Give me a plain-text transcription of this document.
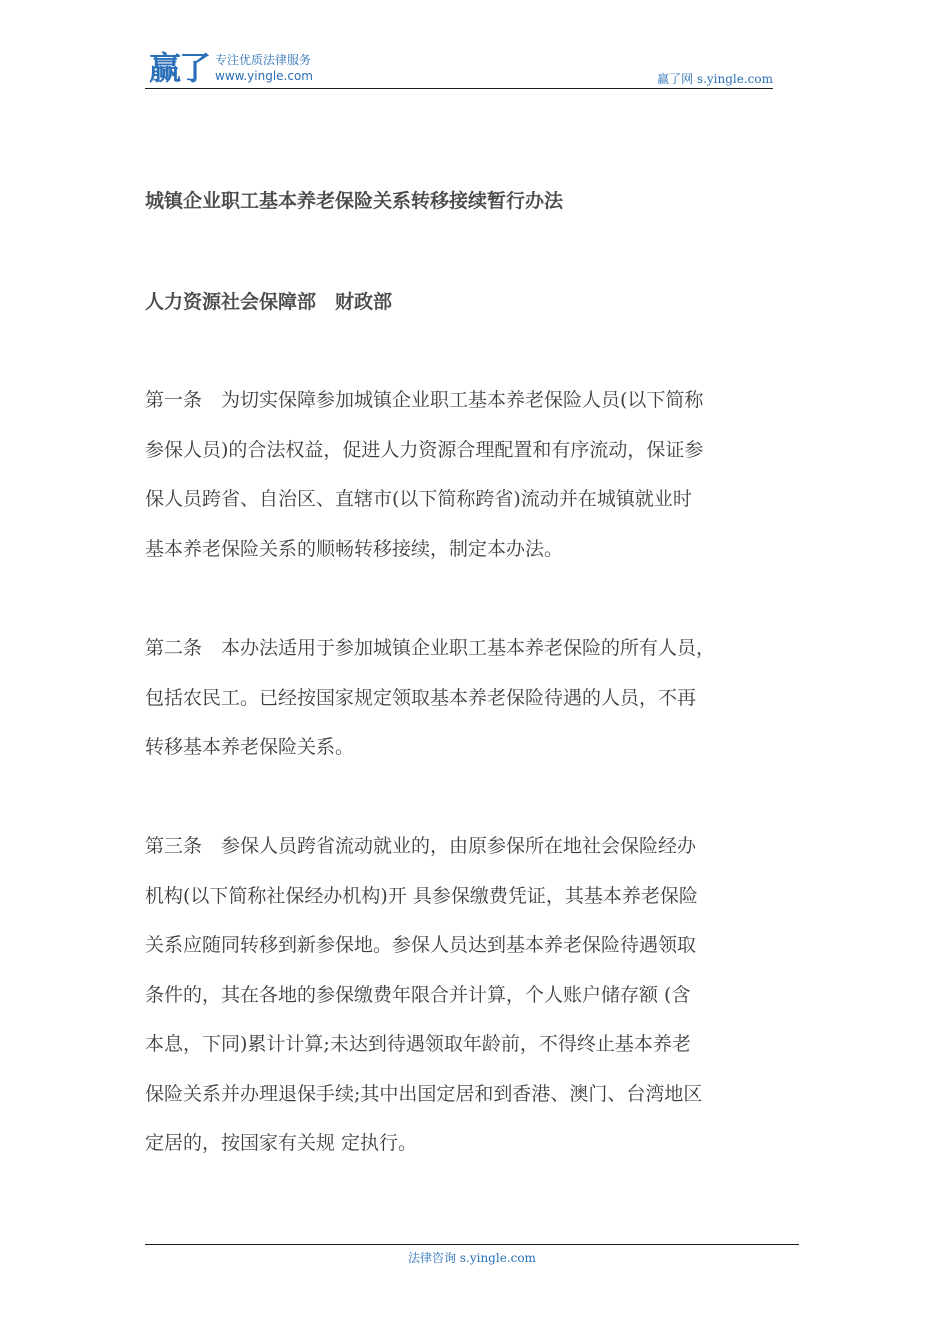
赢了 专注优质法律服务
www.yingle.com	赢了网 s.yingle.com
城镇企业职工基本养老保险关系转移接续暂行办法
人力资源社会保障部　财政部
第一条　为切实保障参加城镇企业职工基本养老保险人员(以下简称
参保人员)的合法权益，促进人力资源合理配置和有序流动，保证参
保人员跨省、自治区、直辖市(以下简称跨省)流动并在城镇就业时
基本养老保险关系的顺畅转移接续，制定本办法。
第二条　本办法适用于参加城镇企业职工基本养老保险的所有人员，
包括农民工。已经按国家规定领取基本养老保险待遇的人员，不再
转移基本养老保险关系。
第三条　参保人员跨省流动就业的，由原参保所在地社会保险经办
机构(以下简称社保经办机构)开 具参保缴费凭证，其基本养老保险
关系应随同转移到新参保地。参保人员达到基本养老保险待遇领取
条件的，其在各地的参保缴费年限合并计算，个人账户储存额 (含
本息，下同)累计计算;未达到待遇领取年龄前，不得终止基本养老
保险关系并办理退保手续;其中出国定居和到香港、澳门、台湾地区
定居的，按国家有关规 定执行。
法律咨询 s.yingle.com
